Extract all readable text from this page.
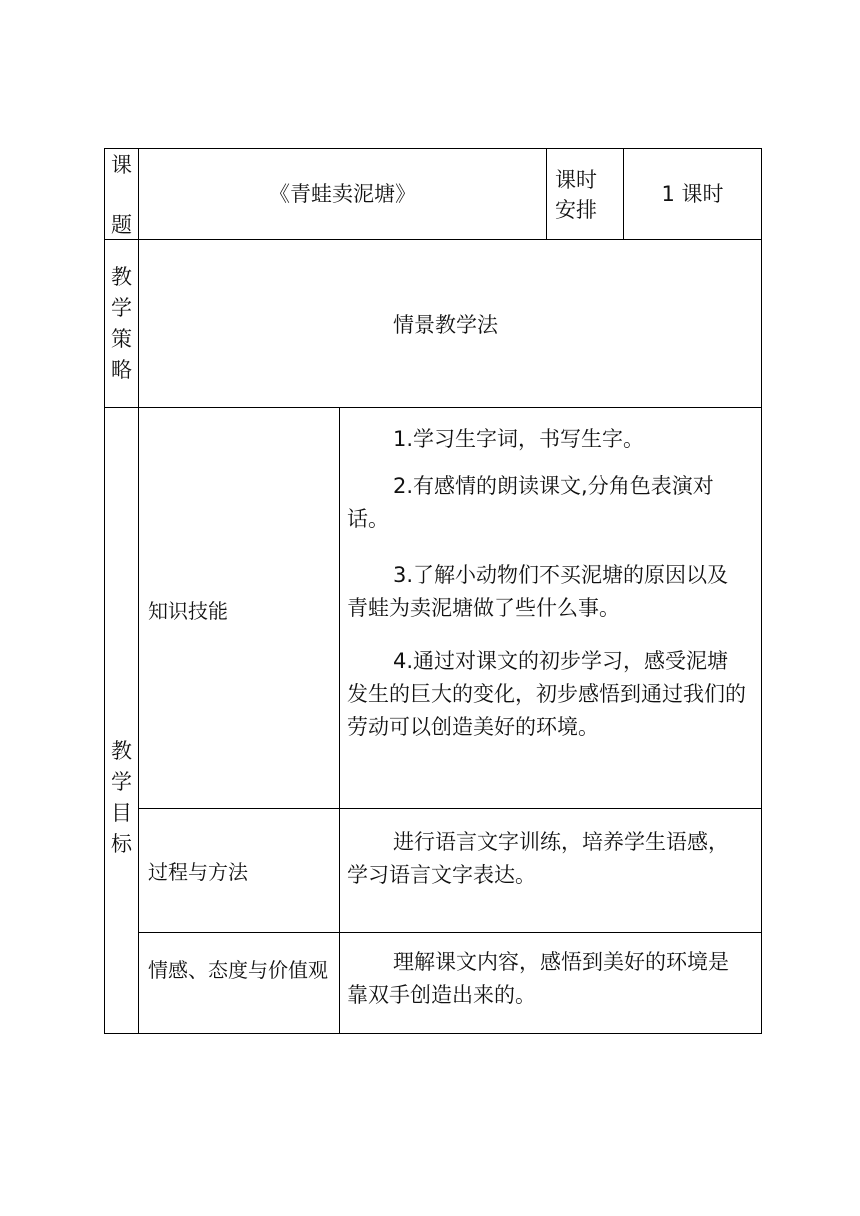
课
题
《青蛙卖泥塘》
课时
安排
1 课时
教
学
策
略
情景教学法
教
学
目
标
知识技能
1.学习生字词，书写生字。
2.有感情的朗读课文,分角色表演对话。
3.了解小动物们不买泥塘的原因以及青蛙为卖泥塘做了些什么事。
4.通过对课文的初步学习，感受泥塘发生的巨大的变化，初步感悟到通过我们的劳动可以创造美好的环境。
过程与方法
进行语言文字训练，培养学生语感，学习语言文字表达。
情感、态度与价值观	理解课文内容，感悟到美好的环境是靠双手创造出来的。
